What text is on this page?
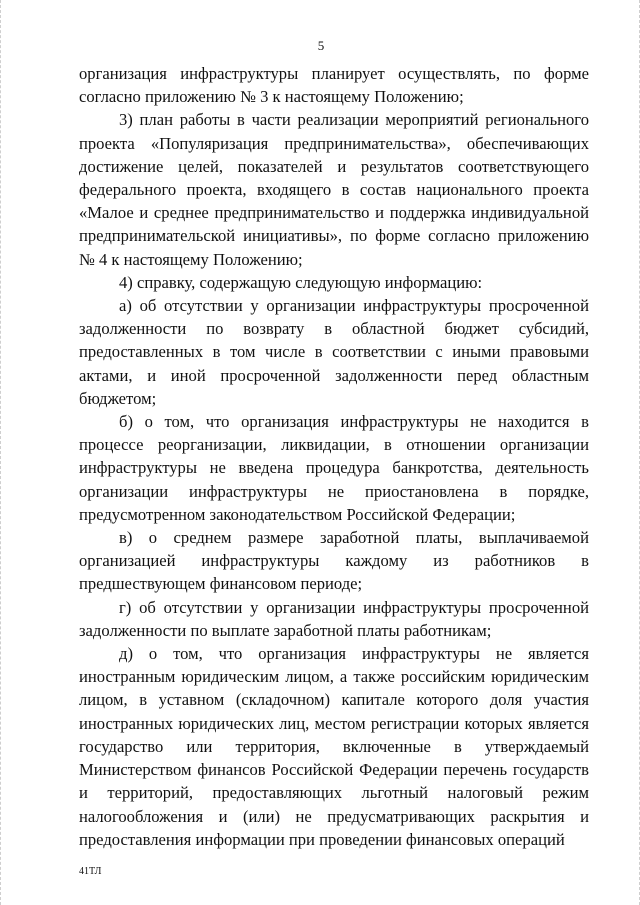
5

организация инфраструктуры планирует осуществлять, по форме согласно приложению № 3 к настоящему Положению;

3) план работы в части реализации мероприятий регионального проекта «Популяризация предпринимательства», обеспечивающих достижение целей, показателей и результатов соответствующего федерального проекта, входящего в состав национального проекта «Малое и среднее предпринимательство и поддержка индивидуальной предпринимательской инициативы», по форме согласно приложению № 4 к настоящему Положению;

4) справку, содержащую следующую информацию:

а) об отсутствии у организации инфраструктуры просроченной задолженности по возврату в областной бюджет субсидий, предоставленных в том числе в соответствии с иными правовыми актами, и иной просроченной задолженности перед областным бюджетом;

б) о том, что организация инфраструктуры не находится в процессе реорганизации, ликвидации, в отношении организации инфраструктуры не введена процедура банкротства, деятельность организации инфраструктуры не приостановлена в порядке, предусмотренном законодательством Российской Федерации;

в) о среднем размере заработной платы, выплачиваемой организацией инфраструктуры каждому из работников в предшествующем финансовом периоде;

г) об отсутствии у организации инфраструктуры просроченной задолженности по выплате заработной платы работникам;

д) о том, что организация инфраструктуры не является иностранным юридическим лицом, а также российским юридическим лицом, в уставном (складочном) капитале которого доля участия иностранных юридических лиц, местом регистрации которых является государство или территория, включенные в утверждаемый Министерством финансов Российской Федерации перечень государств и территорий, предоставляющих льготный налоговый режим налогообложения и (или) не предусматривающих раскрытия и предоставления информации при проведении финансовых операций

41ТЛ
